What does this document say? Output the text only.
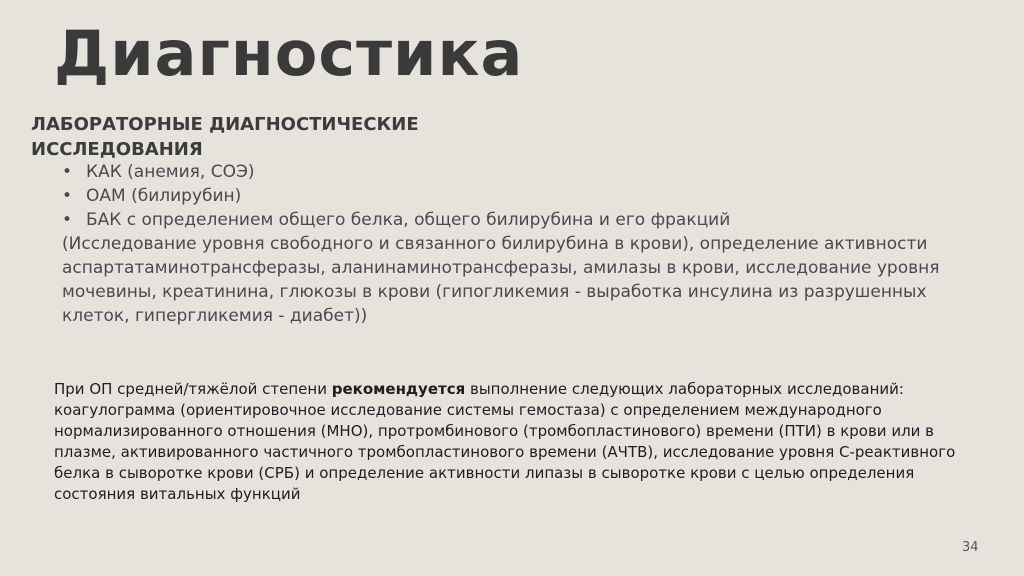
Диагностика
ЛАБОРАТОРНЫЕ ДИАГНОСТИЧЕСКИЕ ИССЛЕДОВАНИЯ
• КАК (анемия, СОЭ)
• ОАМ (билирубин)
• БАК с определением общего белка, общего билирубина и его фракций
(Исследование уровня свободного и связанного билирубина в крови), определение активности аспартатаминотрансферазы, аланинаминотрансферазы, амилазы в крови, исследование уровня мочевины, креатинина, глюкозы в крови (гипогликемия - выработка инсулина из разрушенных клеток, гипергликемия - диабет))

При ОП средней/тяжёлой степени рекомендуется выполнение следующих лабораторных исследований: коагулограмма (ориентировочное исследование системы гемостаза) с определением международного нормализированного отношения (МНО), протромбинового (тромбопластинового) времени (ПТИ) в крови или в плазме, активированного частичного тромбопластинового времени (АЧТВ), исследование уровня С-реактивного белка в сыворотке крови (СРБ) и определение активности липазы в сыворотке крови с целью определения состояния витальных функций

34
